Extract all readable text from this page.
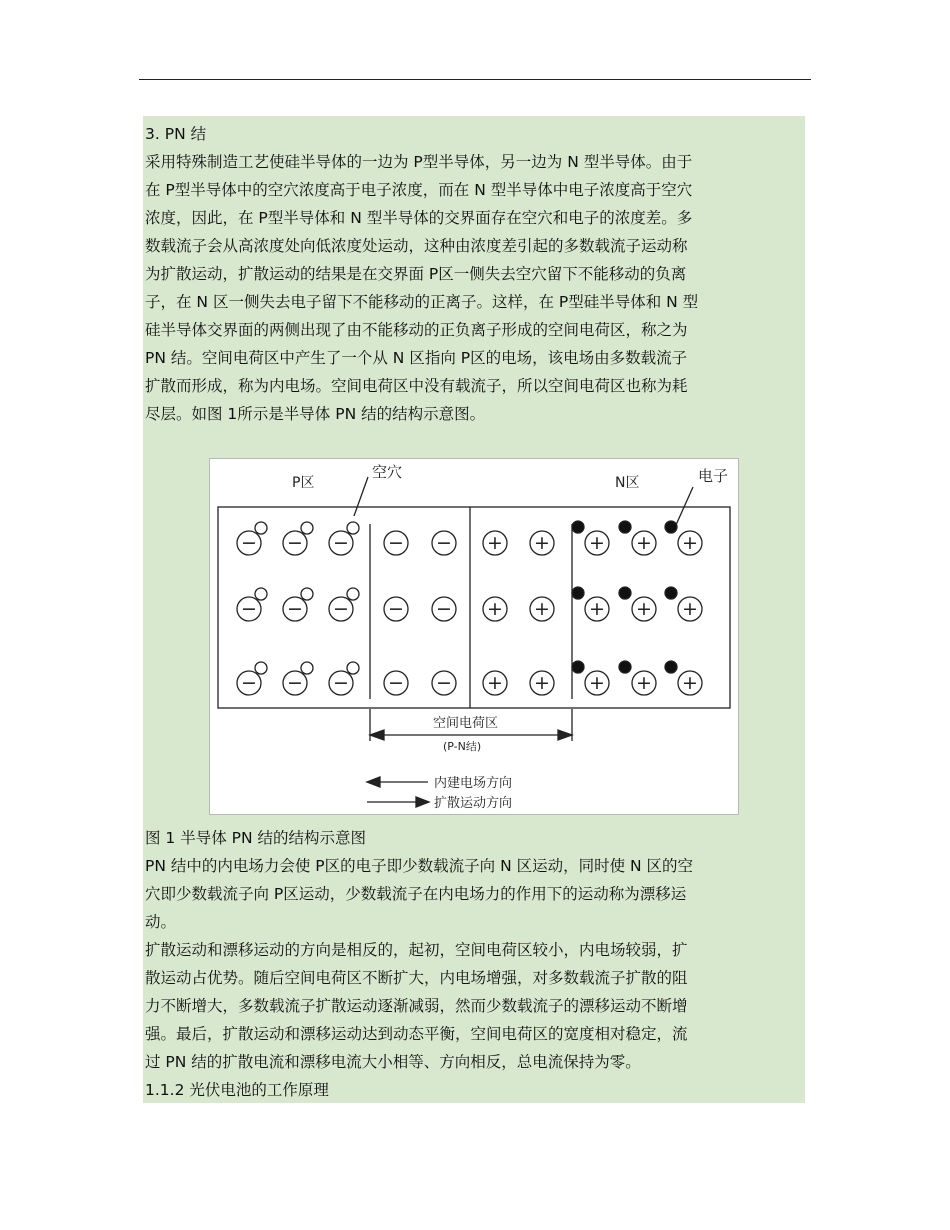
3. PN 结
采用特殊制造工艺使硅半导体的一边为 P型半导体，另一边为 N 型半导体。由于
在 P型半导体中的空穴浓度高于电子浓度，而在 N 型半导体中电子浓度高于空穴
浓度，因此，在 P型半导体和 N 型半导体的交界面存在空穴和电子的浓度差。多
数载流子会从高浓度处向低浓度处运动，这种由浓度差引起的多数载流子运动称
为扩散运动，扩散运动的结果是在交界面 P区一侧失去空穴留下不能移动的负离
子，在 N 区一侧失去电子留下不能移动的正离子。这样，在 P型硅半导体和 N 型
硅半导体交界面的两侧出现了由不能移动的正负离子形成的空间电荷区，称之为
PN 结。空间电荷区中产生了一个从 N 区指向 P区的电场，该电场由多数载流子
扩散而形成，称为内电场。空间电荷区中没有载流子，所以空间电荷区也称为耗
尽层。如图 1所示是半导体 PN 结的结构示意图。
− − − − − + + + + +
− − − − − + + + + +
− − − − − + + + + +
P区
空穴
N区	电子
空间电荷区
(P-N结)
内建电场方向
扩散运动方向
图 1 半导体 PN 结的结构示意图
PN 结中的内电场力会使 P区的电子即少数载流子向 N 区运动，同时使 N 区的空
穴即少数载流子向 P区运动，少数载流子在内电场力的作用下的运动称为漂移运
动。
扩散运动和漂移运动的方向是相反的，起初，空间电荷区较小，内电场较弱，扩
散运动占优势。随后空间电荷区不断扩大，内电场增强，对多数载流子扩散的阻
力不断增大，多数载流子扩散运动逐渐减弱，然而少数载流子的漂移运动不断增
强。最后，扩散运动和漂移运动达到动态平衡，空间电荷区的宽度相对稳定，流
过 PN 结的扩散电流和漂移电流大小相等、方向相反，总电流保持为零。
1.1.2 光伏电池的工作原理
